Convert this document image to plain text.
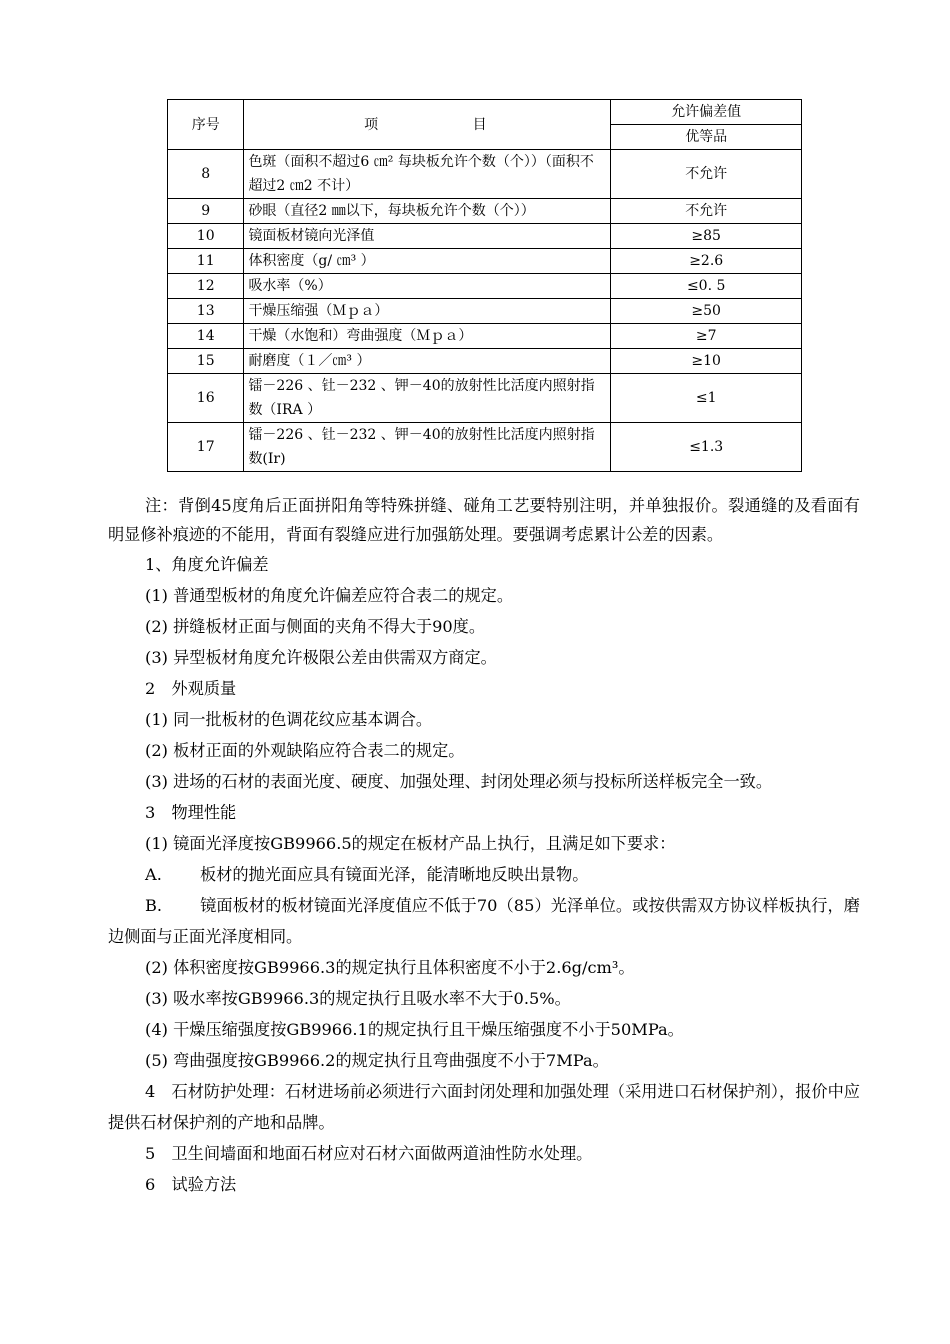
序号	项 目	允许偏差值
		优等品
8	色斑（面积不超过6 ㎝² 每块板允许个数（个））（面积不超过2 ㎝2 不计）	不允许
9	砂眼（直径2 ㎜以下，每块板允许个数（个））	不允许
10	镜面板材镜向光泽值	≥85
11	体积密度（g/ ㎝³ ）	≥2.6
12	吸水率（%）	≤0. 5
13	干燥压缩强（Ｍｐａ）	≥50
14	干燥（水饱和）弯曲强度（Ｍｐａ）	≥7
15	耐磨度（１／㎝³ ）	≥10
16	镭－226 、钍－232 、钾－40的放射性比活度内照射指数（IRA ）	≤1
17	镭－226 、钍－232 、钾－40的放射性比活度内照射指数(Ir)	≤1.3

注：背倒45度角后正面拼阳角等特殊拼缝、碰角工艺要特别注明，并单独报价。裂通缝的及看面有明显修补痕迹的不能用，背面有裂缝应进行加强筋处理。要强调考虑累计公差的因素。

1、角度允许偏差

(1) 普通型板材的角度允许偏差应符合表二的规定。

(2) 拼缝板材正面与侧面的夹角不得大于90度。

(3) 异型板材角度允许极限公差由供需双方商定。

2　外观质量

(1) 同一批板材的色调花纹应基本调合。

(2) 板材正面的外观缺陷应符合表二的规定。

(3) 进场的石材的表面光度、硬度、加强处理、封闭处理必须与投标所送样板完全一致。

3　物理性能

(1) 镜面光泽度按GB9966.5的规定在板材产品上执行，且满足如下要求：

A. 板材的抛光面应具有镜面光泽，能清晰地反映出景物。

B. 镜面板材的板材镜面光泽度值应不低于70（85）光泽单位。或按供需双方协议样板执行，磨边侧面与正面光泽度相同。

(2) 体积密度按GB9966.3的规定执行且体积密度不小于2.6g/cm³。

(3) 吸水率按GB9966.3的规定执行且吸水率不大于0.5%。

(4) 干燥压缩强度按GB9966.1的规定执行且干燥压缩强度不小于50MPa。

(5) 弯曲强度按GB9966.2的规定执行且弯曲强度不小于7MPa。

4　石材防护处理：石材进场前必须进行六面封闭处理和加强处理（采用进口石材保护剂），报价中应提供石材保护剂的产地和品牌。

5　卫生间墙面和地面石材应对石材六面做两道油性防水处理。

6　试验方法
